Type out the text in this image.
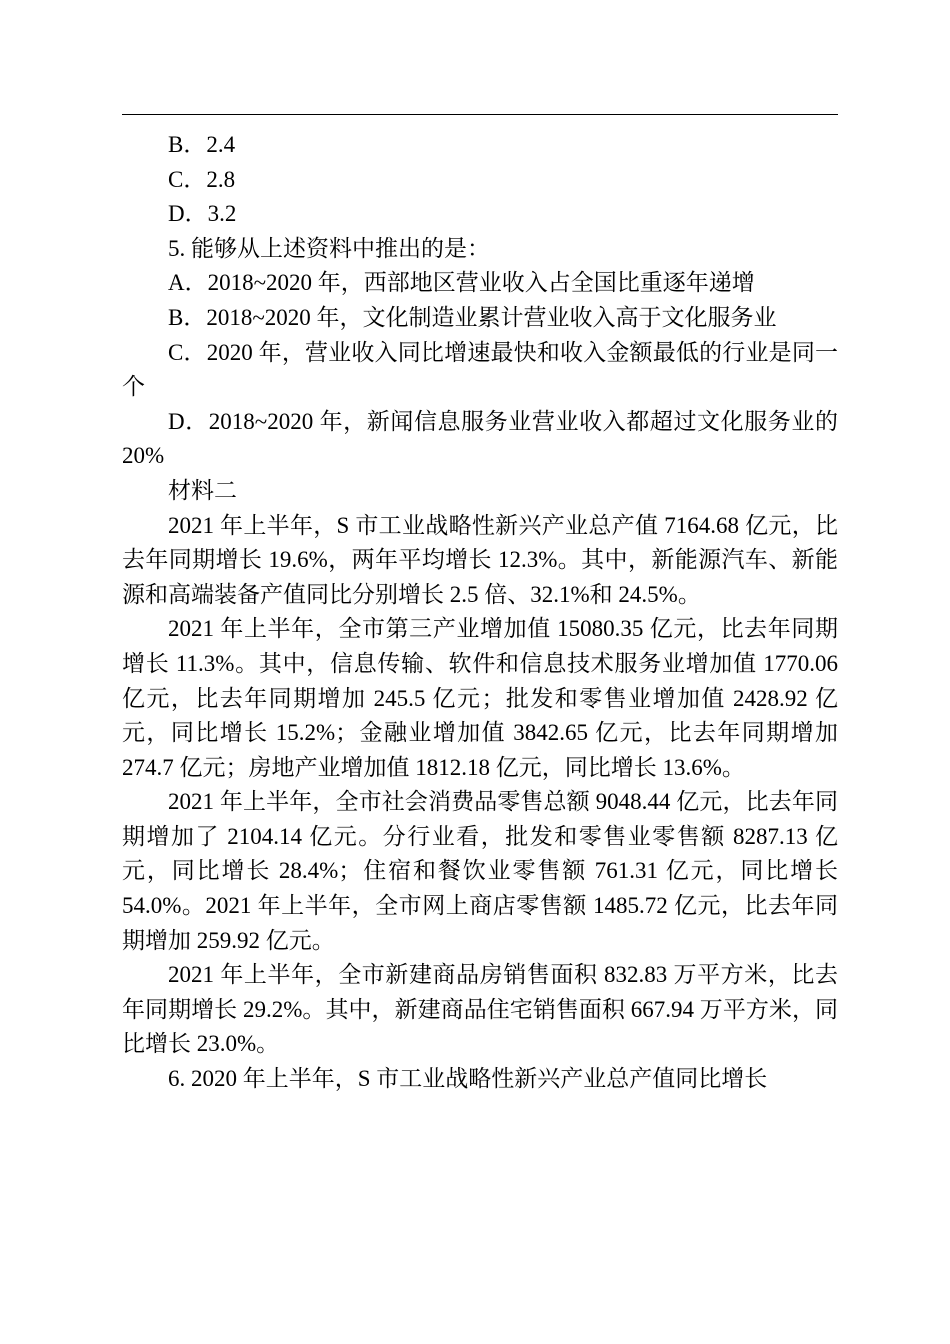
B．2.4

C．2.8

D．3.2

5. 能够从上述资料中推出的是：

A．2018~2020 年，西部地区营业收入占全国比重逐年递增

B．2018~2020 年，文化制造业累计营业收入高于文化服务业

C．2020 年，营业收入同比增速最快和收入金额最低的行业是同一个

D．2018~2020 年，新闻信息服务业营业收入都超过文化服务业的 20%

材料二

2021 年上半年，S 市工业战略性新兴产业总产值 7164.68 亿元，比去年同期增长 19.6%，两年平均增长 12.3%。其中，新能源汽车、新能源和高端装备产值同比分别增长 2.5 倍、32.1%和 24.5%。

2021 年上半年，全市第三产业增加值 15080.35 亿元，比去年同期增长 11.3%。其中，信息传输、软件和信息技术服务业增加值 1770.06 亿元，比去年同期增加 245.5 亿元；批发和零售业增加值 2428.92 亿元，同比增长 15.2%；金融业增加值 3842.65 亿元，比去年同期增加 274.7 亿元；房地产业增加值 1812.18 亿元，同比增长 13.6%。

2021 年上半年，全市社会消费品零售总额 9048.44 亿元，比去年同期增加了 2104.14 亿元。分行业看，批发和零售业零售额 8287.13 亿元，同比增长 28.4%；住宿和餐饮业零售额 761.31 亿元，同比增长 54.0%。2021 年上半年，全市网上商店零售额 1485.72 亿元，比去年同期增加 259.92 亿元。

2021 年上半年，全市新建商品房销售面积 832.83 万平方米，比去年同期增长 29.2%。其中，新建商品住宅销售面积 667.94 万平方米，同比增长 23.0%。

6. 2020 年上半年，S 市工业战略性新兴产业总产值同比增长
